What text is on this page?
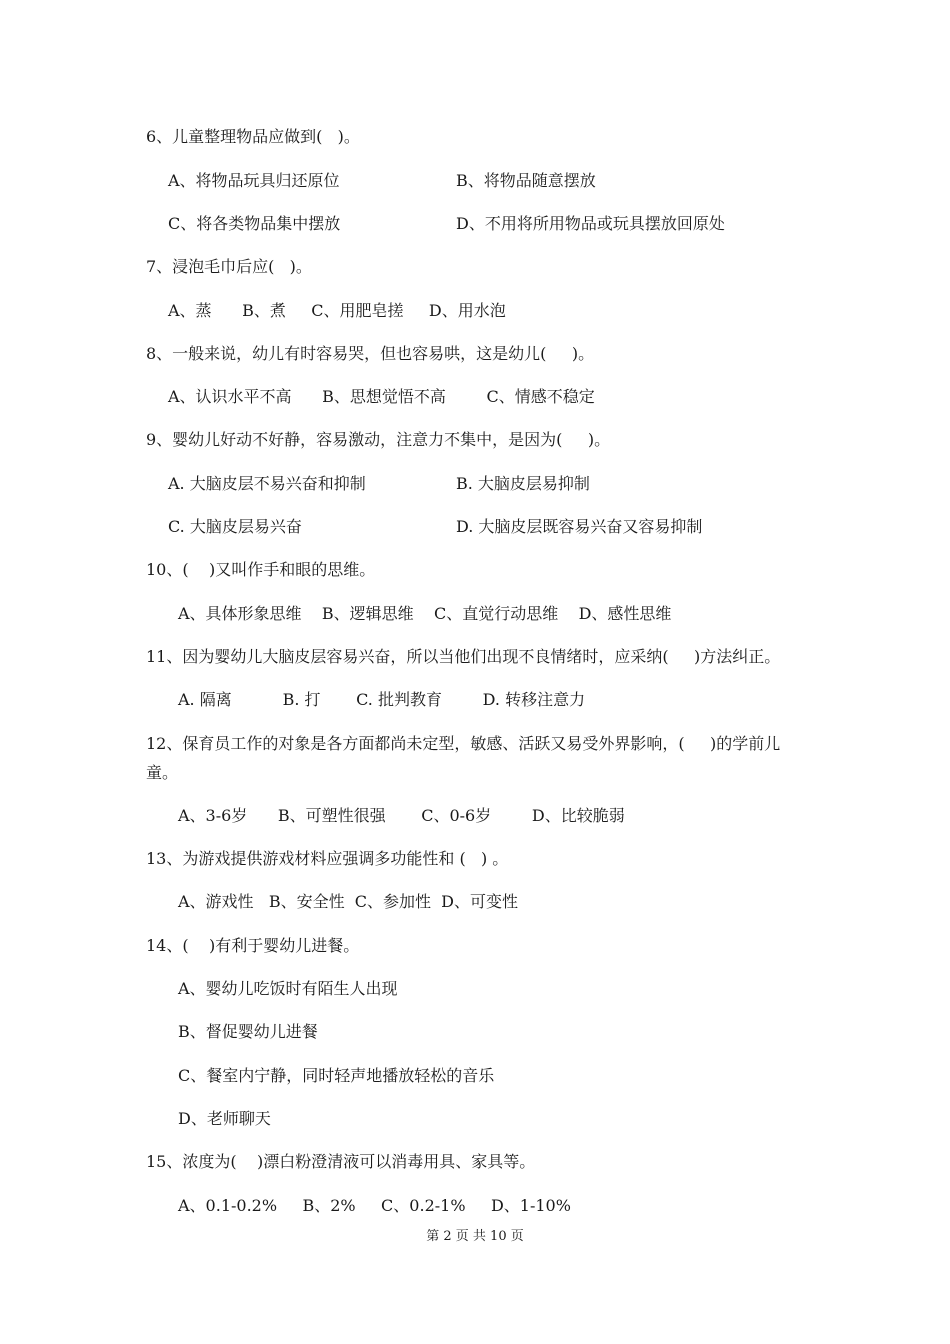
6、儿童整理物品应做到(   )。
A、将物品玩具归还原位	B、将物品随意摆放
C、将各类物品集中摆放	D、不用将所用物品或玩具摆放回原处
7、浸泡毛巾后应(   )。
A、蒸      B、煮     C、用肥皂搓     D、用水泡
8、一般来说，幼儿有时容易哭，但也容易哄，这是幼儿(     )。
A、认识水平不高      B、思想觉悟不高        C、情感不稳定
9、婴幼儿好动不好静，容易激动，注意力不集中，是因为(     )。
A. 大脑皮层不易兴奋和抑制	B. 大脑皮层易抑制
C. 大脑皮层易兴奋	D. 大脑皮层既容易兴奋又容易抑制
10、(    )又叫作手和眼的思维。
A、具体形象思维    B、逻辑思维    C、直觉行动思维    D、感性思维
11、因为婴幼儿大脑皮层容易兴奋，所以当他们出现不良情绪时，应采纳(     )方法纠正。
A. 隔离          B. 打       C. 批判教育        D. 转移注意力
12、保育员工作的对象是各方面都尚未定型，敏感、活跃又易受外界影响，(     )的学前儿
童。
A、3-6岁      B、可塑性很强       C、0-6岁        D、比较脆弱
13、为游戏提供游戏材料应强调多功能性和 (   ) 。
A、游戏性   B、安全性  C、参加性  D、可变性
14、(    )有利于婴幼儿进餐。
A、婴幼儿吃饭时有陌生人出现
B、督促婴幼儿进餐
C、餐室内宁静，同时轻声地播放轻松的音乐
D、老师聊天
15、浓度为(    )漂白粉澄清液可以消毒用具、家具等。
A、0.1-0.2%     B、2%     C、0.2-1%     D、1-10%
第 2 页 共 10 页
